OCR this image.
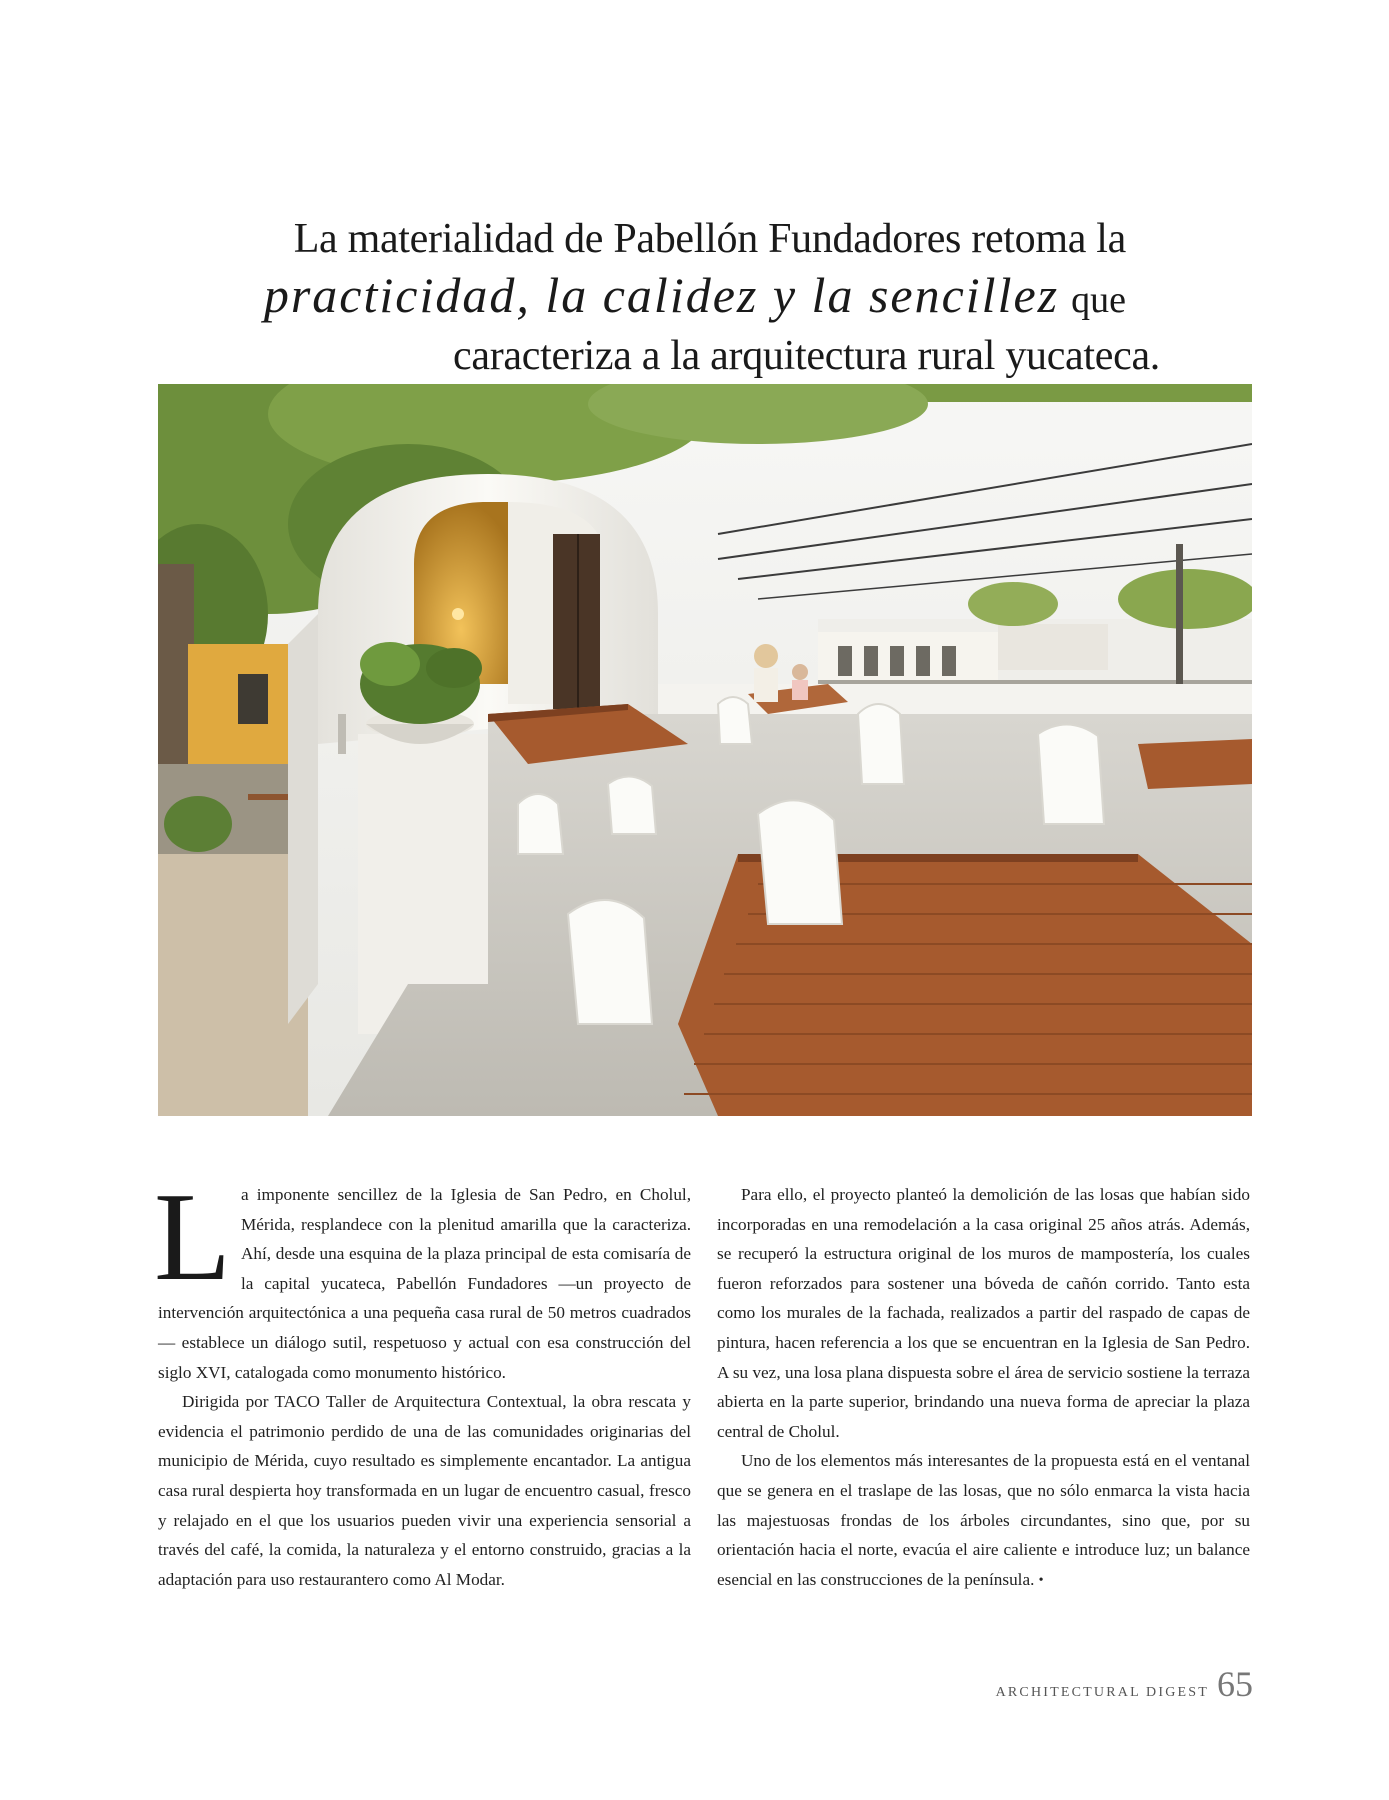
La materialidad de Pabellón Fundadores retoma la
practicidad, la calidez y la sencillez que
caracteriza a la arquitectura rural yucateca.

La imponente sencillez de la Iglesia de San Pedro, en Cholul, Mérida, resplandece con la plenitud amarilla que la caracteriza. Ahí, desde una esquina de la plaza principal de esta comisaría de la capital yucateca, Pabellón Fundadores —un proyecto de intervención arquitectónica a una pequeña casa rural de 50 metros cuadrados— establece un diálogo sutil, respetuoso y actual con esa construcción del siglo XVI, catalogada como monumento histórico.

Dirigida por TACO Taller de Arquitectura Contextual, la obra rescata y evidencia el patrimonio perdido de una de las comunidades originarias del municipio de Mérida, cuyo resultado es simplemente encantador. La antigua casa rural despierta hoy transformada en un lugar de encuentro casual, fresco y relajado en el que los usuarios pueden vivir una experiencia sensorial a través del café, la comida, la naturaleza y el entorno construido, gracias a la adaptación para uso restaurantero como Al Modar.

Para ello, el proyecto planteó la demolición de las losas que habían sido incorporadas en una remodelación a la casa original 25 años atrás. Además, se recuperó la estructura original de los muros de mampostería, los cuales fueron reforzados para sostener una bóveda de cañón corrido. Tanto esta como los murales de la fachada, realizados a partir del raspado de capas de pintura, hacen referencia a los que se encuentran en la Iglesia de San Pedro. A su vez, una losa plana dispuesta sobre el área de servicio sostiene la terraza abierta en la parte superior, brindando una nueva forma de apreciar la plaza central de Cholul.

Uno de los elementos más interesantes de la propuesta está en el ventanal que se genera en el traslape de las losas, que no sólo enmarca la vista hacia las majestuosas frondas de los árboles circundantes, sino que, por su orientación hacia el norte, evacúa el aire caliente e introduce luz; un balance esencial en las construcciones de la península. •

ARCHITECTURAL DIGEST 65
